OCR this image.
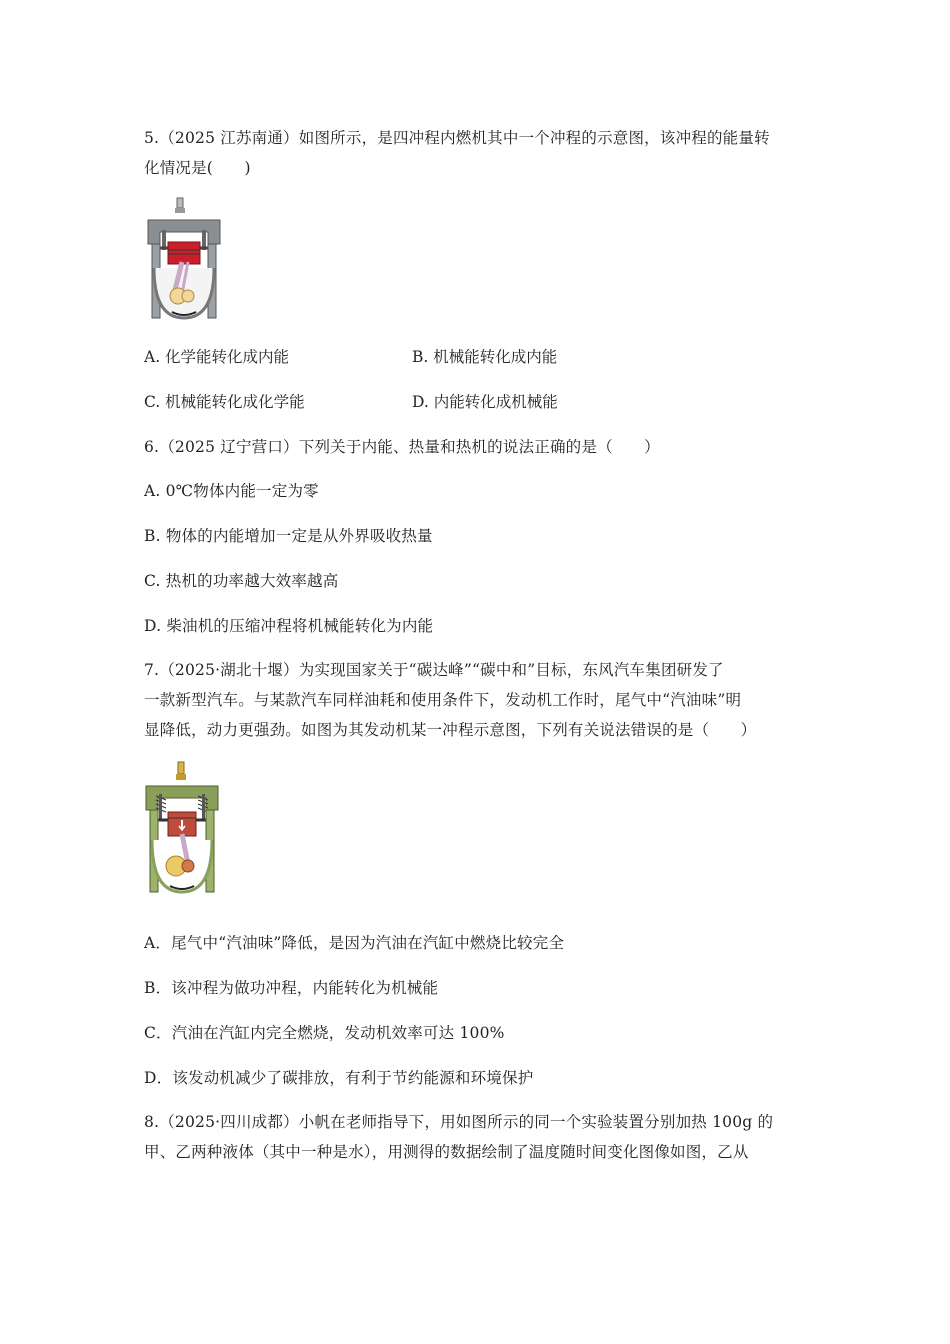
5.（2025 江苏南通）如图所示，是四冲程内燃机其中一个冲程的示意图，该冲程的能量转
化情况是(　　)
A. 化学能转化成内能	B. 机械能转化成内能
C. 机械能转化成化学能	D. 内能转化成机械能
6.（2025 辽宁营口）下列关于内能、热量和热机的说法正确的是（　　）
A. 0℃物体内能一定为零
B. 物体的内能增加一定是从外界吸收热量
C. 热机的功率越大效率越高
D. 柴油机的压缩冲程将机械能转化为内能
7.（2025·湖北十堰）为实现国家关于“碳达峰”“碳中和”目标，东风汽车集团研发了
一款新型汽车。与某款汽车同样油耗和使用条件下，发动机工作时，尾气中“汽油味”明
显降低，动力更强劲。如图为其发动机某一冲程示意图，下列有关说法错误的是（　　）
A．尾气中“汽油味”降低，是因为汽油在汽缸中燃烧比较完全
B．该冲程为做功冲程，内能转化为机械能
C．汽油在汽缸内完全燃烧，发动机效率可达 100%
D．该发动机减少了碳排放，有利于节约能源和环境保护
8.（2025·四川成都）小帆在老师指导下，用如图所示的同一个实验装置分别加热 100g 的
甲、乙两种液体（其中一种是水），用测得的数据绘制了温度随时间变化图像如图，乙从
